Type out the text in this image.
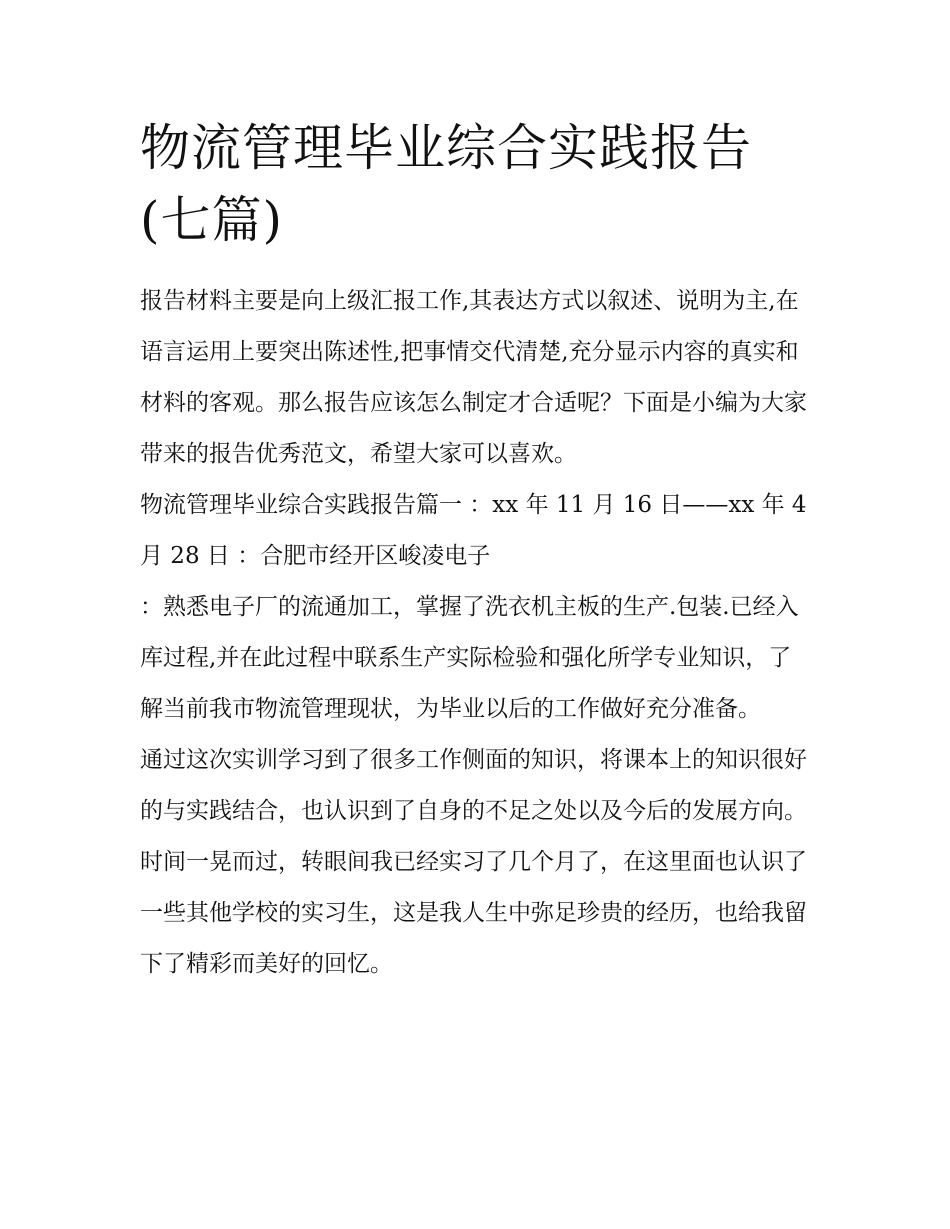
物流管理毕业综合实践报告(七篇)

报告材料主要是向上级汇报工作,其表达方式以叙述、说明为主,在语言运用上要突出陈述性,把事情交代清楚,充分显示内容的真实和材料的客观。那么报告应该怎么制定才合适呢？下面是小编为大家带来的报告优秀范文，希望大家可以喜欢。

物流管理毕业综合实践报告篇一 ：xx 年 11 月 16 日——xx 年 4 月 28 日 ：合肥市经开区峻凌电子

：熟悉电子厂的流通加工，掌握了洗衣机主板的生产.包装.已经入库过程,并在此过程中联系生产实际检验和强化所学专业知识，了解当前我市物流管理现状，为毕业以后的工作做好充分准备。

通过这次实训学习到了很多工作侧面的知识，将课本上的知识很好的与实践结合，也认识到了自身的不足之处以及今后的发展方向。

时间一晃而过，转眼间我已经实习了几个月了，在这里面也认识了一些其他学校的实习生，这是我人生中弥足珍贵的经历，也给我留下了精彩而美好的回忆。
